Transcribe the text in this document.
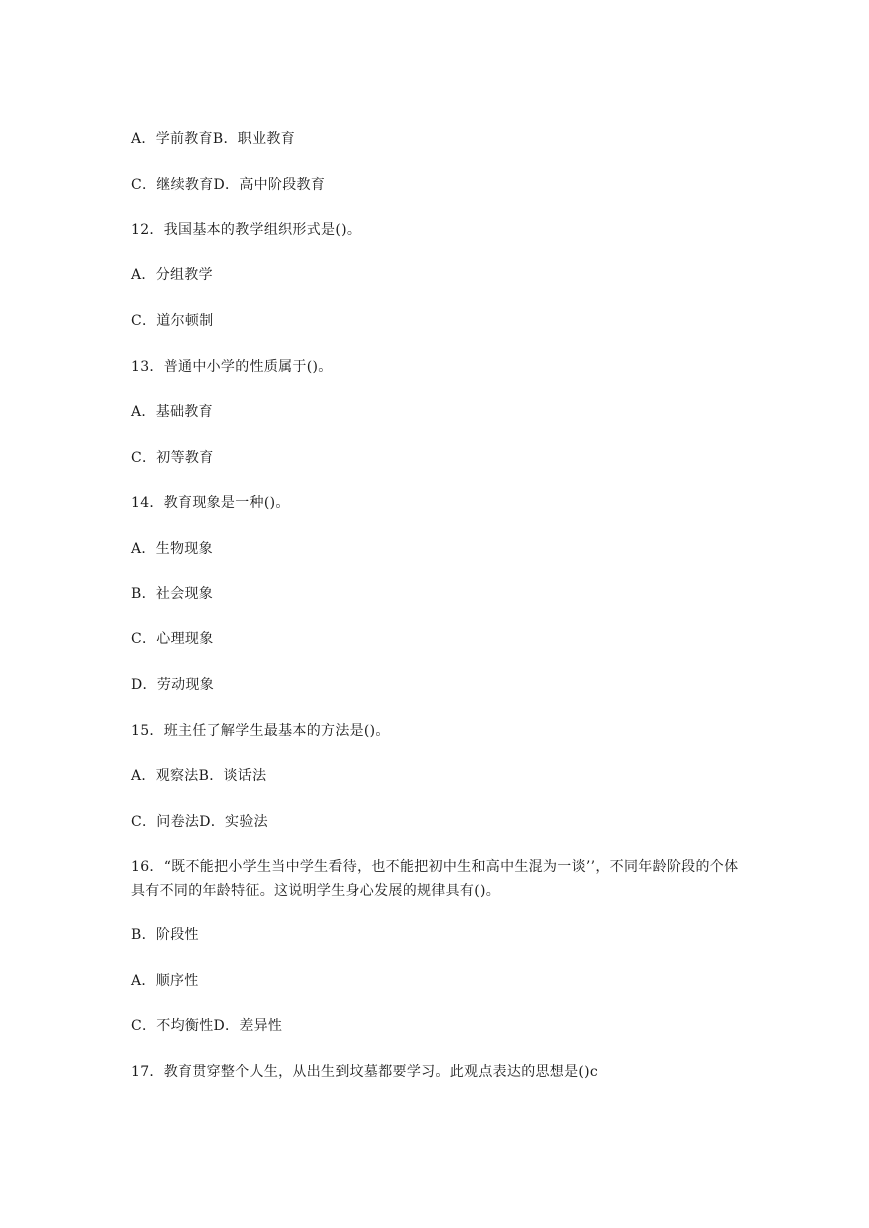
A．学前教育B．职业教育
C．继续教育D．高中阶段教育
12．我国基本的教学组织形式是()。
A．分组教学
C．道尔顿制
13．普通中小学的性质属于()。
A．基础教育
C．初等教育
14．教育现象是一种()。
A．生物现象
B．社会现象
C．心理现象
D．劳动现象
15．班主任了解学生最基本的方法是()。
A．观察法B．谈话法
C．问卷法D．实验法
16．“既不能把小学生当中学生看待，也不能把初中生和高中生混为一谈’’，不同年龄阶段的个体具有不同的年龄特征。这说明学生身心发展的规律具有()。
B．阶段性
A．顺序性
C．不均衡性D．差异性
17．教育贯穿整个人生，从出生到坟墓都要学习。此观点表达的思想是()c
